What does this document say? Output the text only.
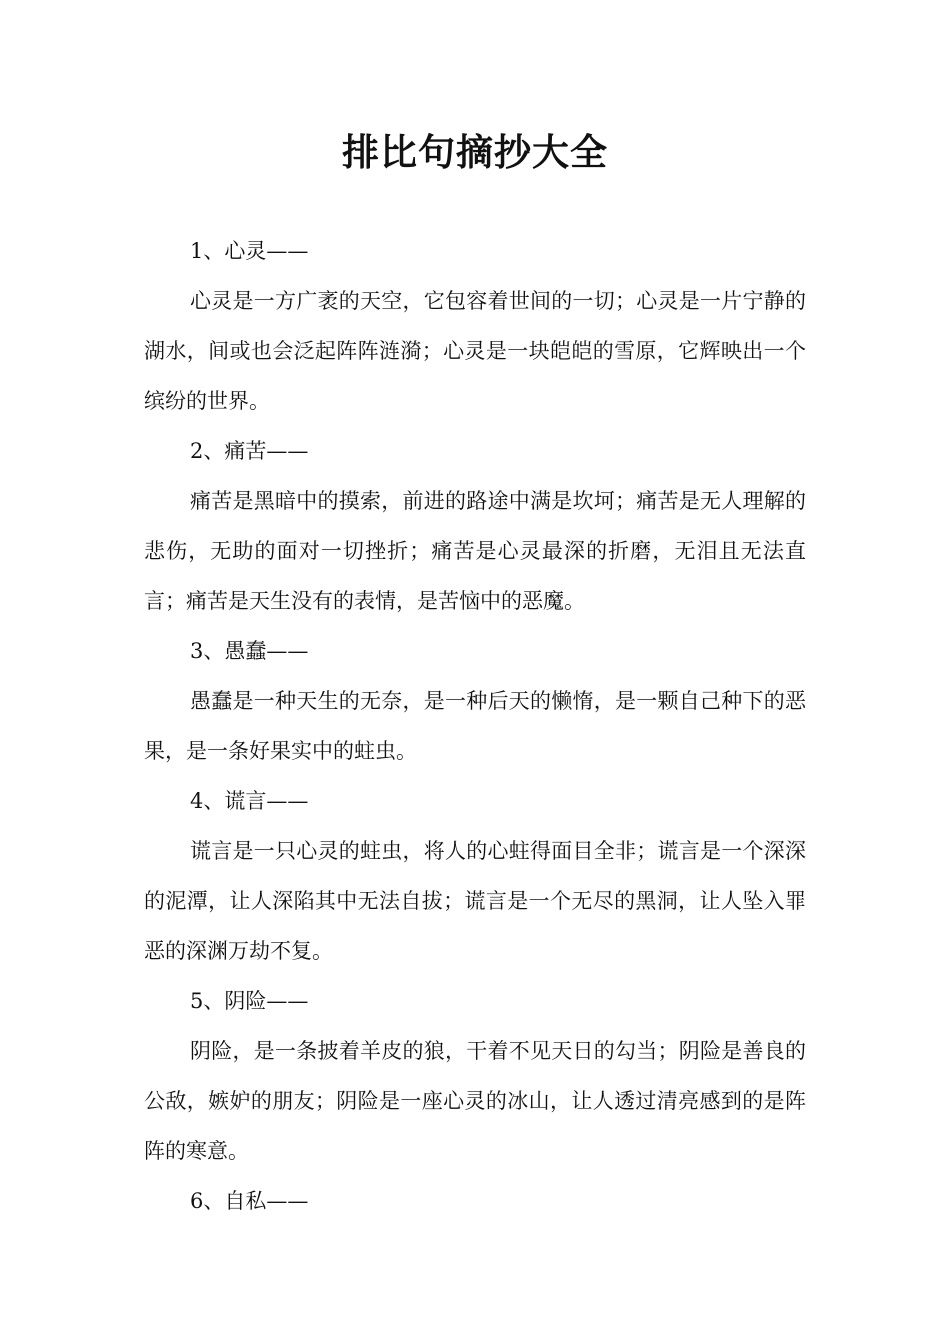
排比句摘抄大全

1、心灵——

心灵是一方广袤的天空，它包容着世间的一切；心灵是一片宁静的湖水，间或也会泛起阵阵涟漪；心灵是一块皑皑的雪原，它辉映出一个缤纷的世界。

2、痛苦——

痛苦是黑暗中的摸索，前进的路途中满是坎坷；痛苦是无人理解的悲伤，无助的面对一切挫折；痛苦是心灵最深的折磨，无泪且无法直言；痛苦是天生没有的表情，是苦恼中的恶魔。

3、愚蠢——

愚蠢是一种天生的无奈，是一种后天的懒惰，是一颗自己种下的恶果，是一条好果实中的蛀虫。

4、谎言——

谎言是一只心灵的蛀虫，将人的心蛀得面目全非；谎言是一个深深的泥潭，让人深陷其中无法自拔；谎言是一个无尽的黑洞，让人坠入罪恶的深渊万劫不复。

5、阴险——

阴险，是一条披着羊皮的狼，干着不见天日的勾当；阴险是善良的公敌，嫉妒的朋友；阴险是一座心灵的冰山，让人透过清亮感到的是阵阵的寒意。

6、自私——
